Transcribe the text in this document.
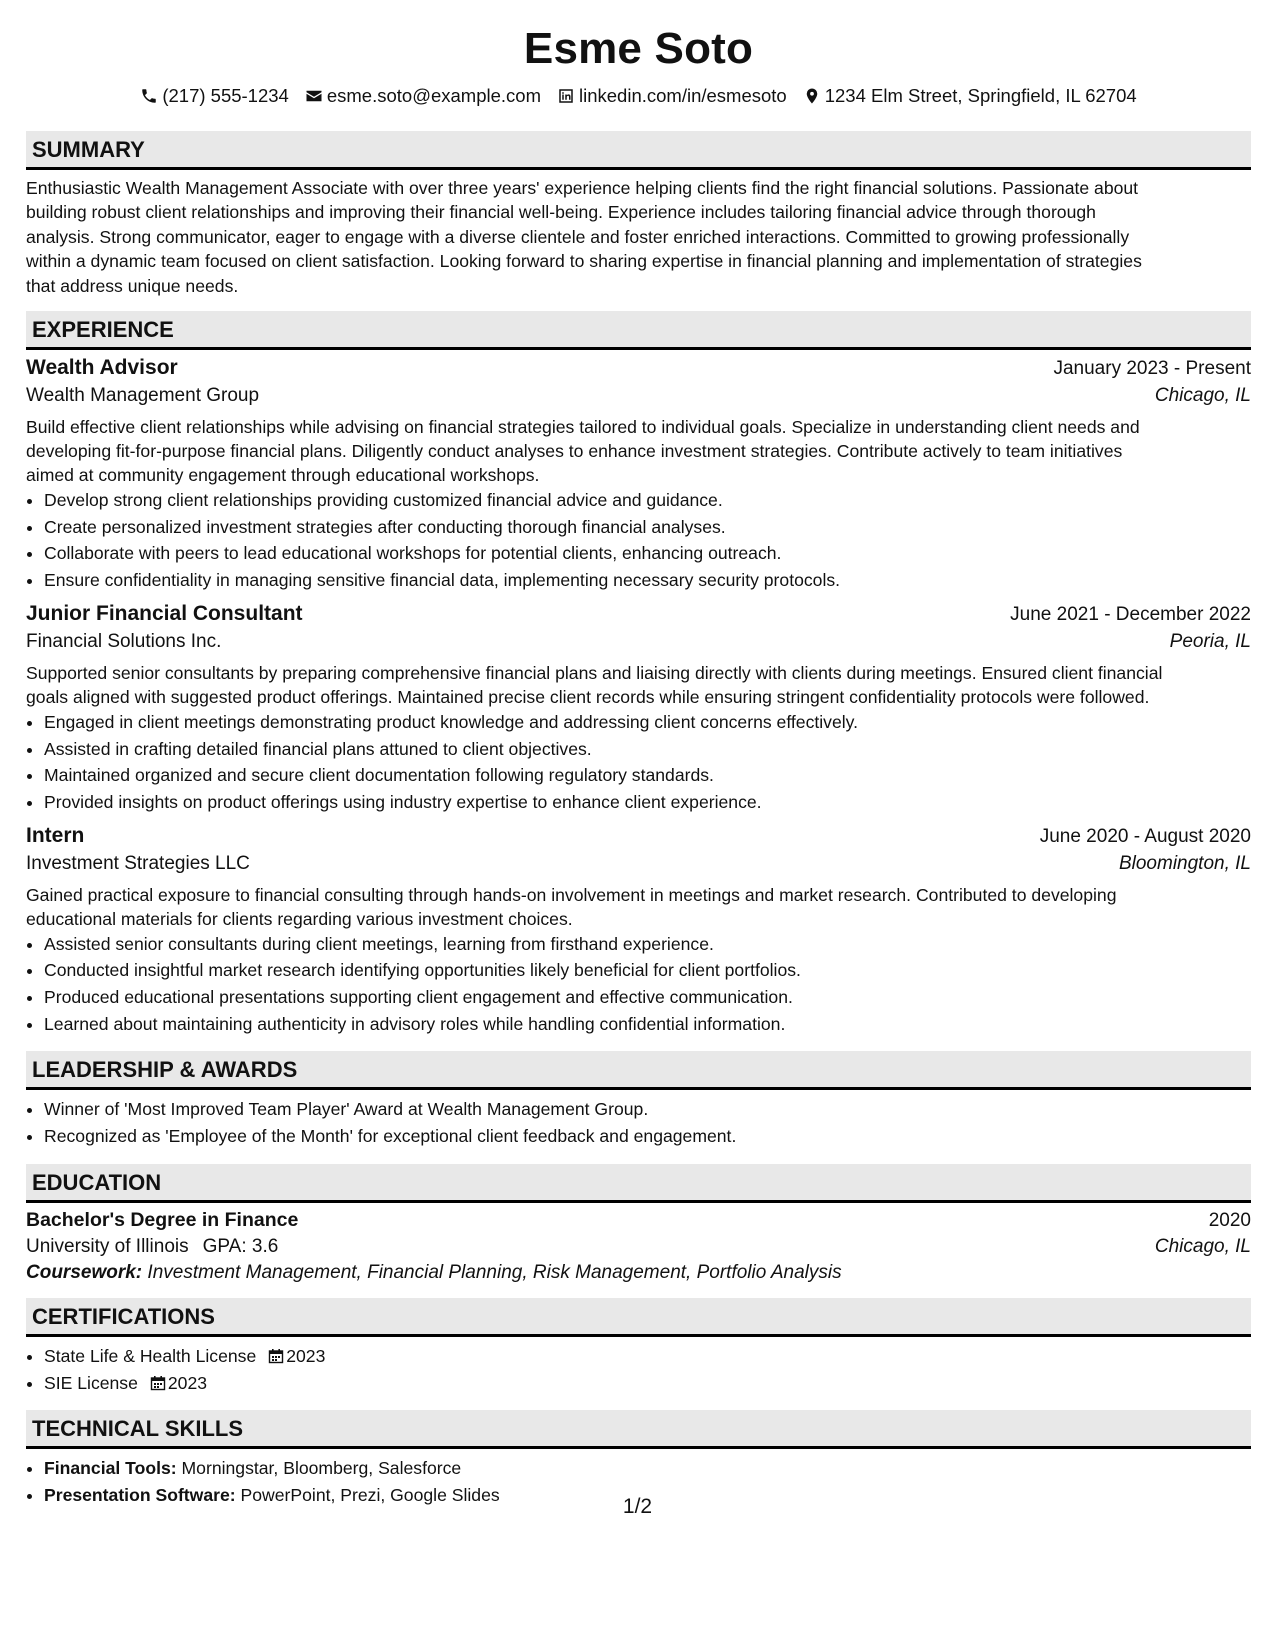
Esme Soto
(217) 555-1234 esme.soto@example.com linkedin.com/in/esmesoto 1234 Elm Street, Springfield, IL 62704
SUMMARY
Enthusiastic Wealth Management Associate with over three years' experience helping clients find the right financial solutions. Passionate about
building robust client relationships and improving their financial well-being. Experience includes tailoring financial advice through thorough
analysis. Strong communicator, eager to engage with a diverse clientele and foster enriched interactions. Committed to growing professionally
within a dynamic team focused on client satisfaction. Looking forward to sharing expertise in financial planning and implementation of strategies
that address unique needs.
EXPERIENCE
Wealth Advisor	January 2023 - Present
Wealth Management Group	Chicago, IL
Build effective client relationships while advising on financial strategies tailored to individual goals. Specialize in understanding client needs and
developing fit-for-purpose financial plans. Diligently conduct analyses to enhance investment strategies. Contribute actively to team initiatives
aimed at community engagement through educational workshops.
• Develop strong client relationships providing customized financial advice and guidance.
• Create personalized investment strategies after conducting thorough financial analyses.
• Collaborate with peers to lead educational workshops for potential clients, enhancing outreach.
• Ensure confidentiality in managing sensitive financial data, implementing necessary security protocols.
Junior Financial Consultant	June 2021 - December 2022
Financial Solutions Inc.	Peoria, IL
Supported senior consultants by preparing comprehensive financial plans and liaising directly with clients during meetings. Ensured client financial
goals aligned with suggested product offerings. Maintained precise client records while ensuring stringent confidentiality protocols were followed.
• Engaged in client meetings demonstrating product knowledge and addressing client concerns effectively.
• Assisted in crafting detailed financial plans attuned to client objectives.
• Maintained organized and secure client documentation following regulatory standards.
• Provided insights on product offerings using industry expertise to enhance client experience.
Intern	June 2020 - August 2020
Investment Strategies LLC	Bloomington, IL
Gained practical exposure to financial consulting through hands-on involvement in meetings and market research. Contributed to developing
educational materials for clients regarding various investment choices.
• Assisted senior consultants during client meetings, learning from firsthand experience.
• Conducted insightful market research identifying opportunities likely beneficial for client portfolios.
• Produced educational presentations supporting client engagement and effective communication.
• Learned about maintaining authenticity in advisory roles while handling confidential information.
LEADERSHIP & AWARDS
• Winner of 'Most Improved Team Player' Award at Wealth Management Group.
• Recognized as 'Employee of the Month' for exceptional client feedback and engagement.
EDUCATION
Bachelor's Degree in Finance	2020
University of Illinois GPA: 3.6	Chicago, IL
Coursework: Investment Management, Financial Planning, Risk Management, Portfolio Analysis
CERTIFICATIONS
• State Life & Health License 2023
• SIE License 2023
TECHNICAL SKILLS
• Financial Tools: Morningstar, Bloomberg, Salesforce
• Presentation Software: PowerPoint, Prezi, Google Slides
1/2
